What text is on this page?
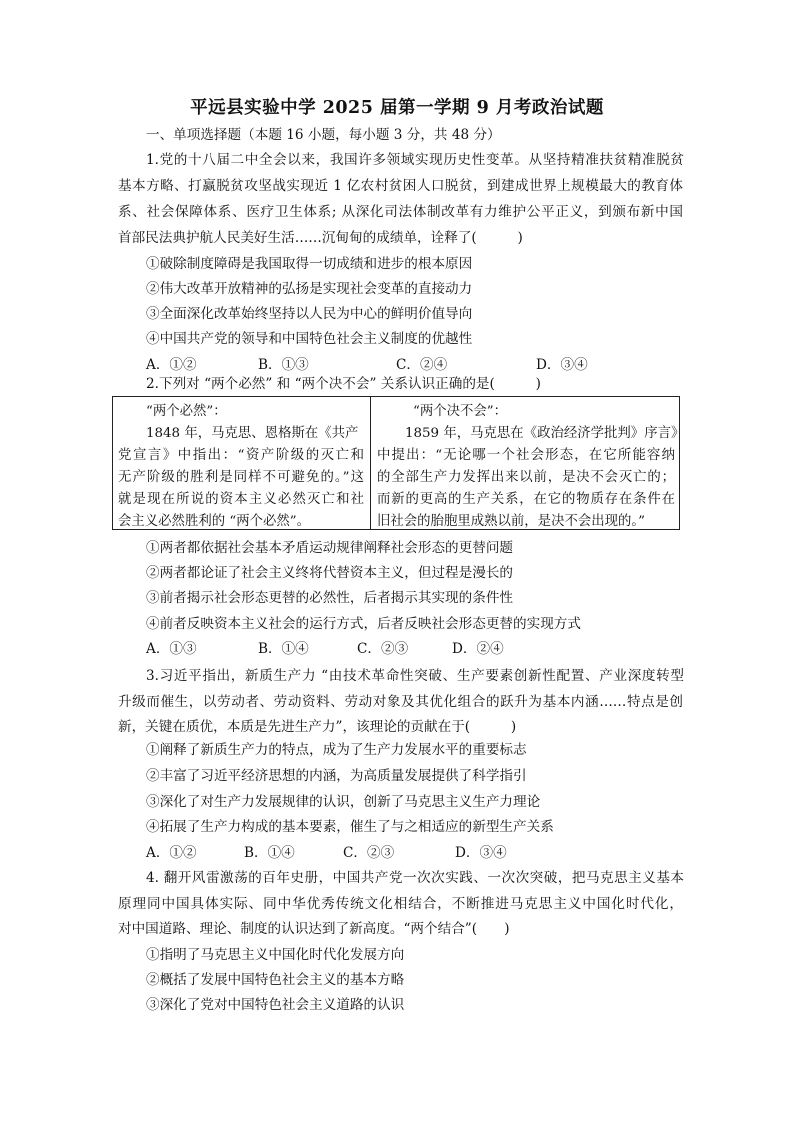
平远县实验中学 2025 届第一学期 9 月考政治试题
一、单项选择题（本题 16 小题，每小题 3 分，共 48 分）
1.党的十八届二中全会以来，我国许多领域实现历史性变革。从坚持精准扶贫精准脱贫
基本方略、打赢脱贫攻坚战实现近 1 亿农村贫困人口脱贫，到建成世界上规模最大的教育体
系、社会保障体系、医疗卫生体系; 从深化司法体制改革有力维护公平正义，到颁布新中国
首部民法典护航人民美好生活……沉甸甸的成绩单，诠释了(　　　)
①破除制度障碍是我国取得一切成绩和进步的根本原因
②伟大改革开放精神的弘扬是实现社会变革的直接动力
③全面深化改革始终坚持以人民为中心的鲜明价值导向
④中国共产党的领导和中国特色社会主义制度的优越性
A．①②	B．①③	C．②④	D．③④
2.下列对 “两个必然” 和 “两个决不会” 关系认识正确的是(　　　)
“两个必然”：
1848 年，马克思、恩格斯在《共产
党宣言》中指出：“资产阶级的灭亡和
无产阶级的胜利是同样不可避免的。”这
就是现在所说的资本主义必然灭亡和社
会主义必然胜利的 “两个必然”。
“两个决不会”：
1859 年，马克思在《政治经济学批判》序言》
中提出：“无论哪一个社会形态，在它所能容纳
的全部生产力发挥出来以前，是决不会灭亡的；
而新的更高的生产关系，在它的物质存在条件在
旧社会的胎胞里成熟以前，是决不会出现的。”
①两者都依据社会基本矛盾运动规律阐释社会形态的更替问题
②两者都论证了社会主义终将代替资本主义，但过程是漫长的
③前者揭示社会形态更替的必然性，后者揭示其实现的条件性
④前者反映资本主义社会的运行方式，后者反映社会形态更替的实现方式
A．①③	B．①④	C．②③	D．②④
3.习近平指出，新质生产力 “由技术革命性突破、生产要素创新性配置、产业深度转型
升级而催生，以劳动者、劳动资料、劳动对象及其优化组合的跃升为基本内涵……特点是创
新，关键在质优，本质是先进生产力”，该理论的贡献在于(　　　)
①阐释了新质生产力的特点，成为了生产力发展水平的重要标志
②丰富了习近平经济思想的内涵，为高质量发展提供了科学指引
③深化了对生产力发展规律的认识，创新了马克思主义生产力理论
④拓展了生产力构成的基本要素，催生了与之相适应的新型生产关系
A．①②	B．①④	C．②③	D．③④
4. 翻开风雷激荡的百年史册，中国共产党一次次实践、一次次突破，把马克思主义基本
原理同中国具体实际、同中华优秀传统文化相结合，不断推进马克思主义中国化时代化，
对中国道路、理论、制度的认识达到了新高度。“两个结合”(　　)
①指明了马克思主义中国化时代化发展方向
②概括了发展中国特色社会主义的基本方略
③深化了党对中国特色社会主义道路的认识
